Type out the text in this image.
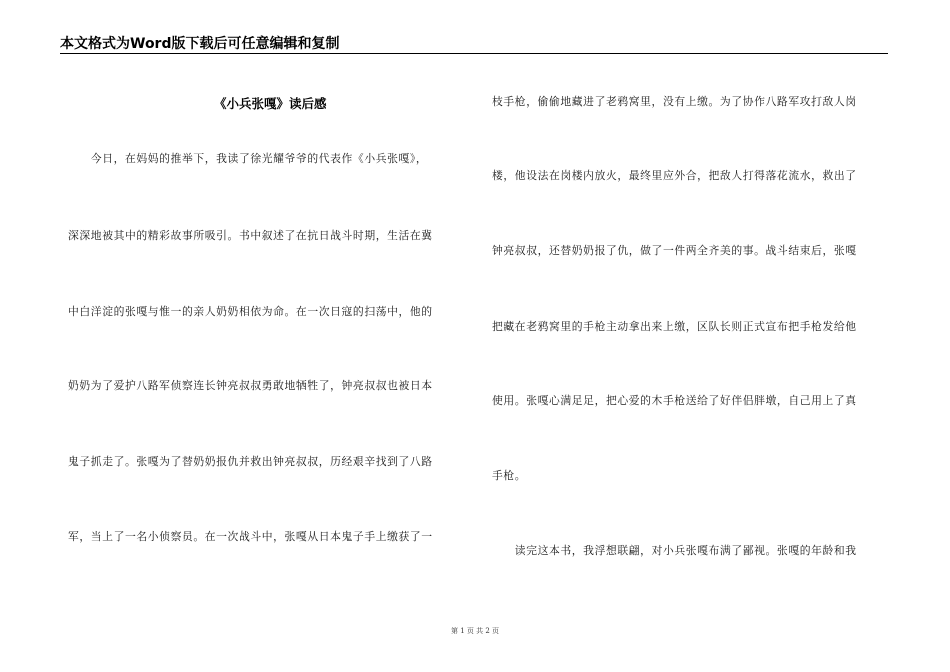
本文格式为Word版下载后可任意编辑和复制
《小兵张嘎》读后感
　　今日，在妈妈的推举下，我读了徐光耀爷爷的代表作《小兵张嘎》，
深深地被其中的精彩故事所吸引。书中叙述了在抗日战斗时期，生活在冀
中白洋淀的张嘎与惟一的亲人奶奶相依为命。在一次日寇的扫荡中，他的
奶奶为了爱护八路军侦察连长钟亮叔叔勇敢地牺牲了，钟亮叔叔也被日本
鬼子抓走了。张嘎为了替奶奶报仇并救出钟亮叔叔，历经艰辛找到了八路
军，当上了一名小侦察员。在一次战斗中，张嘎从日本鬼子手上缴获了一
枝手枪，偷偷地藏进了老鸦窝里，没有上缴。为了协作八路军攻打敌人岗
楼，他设法在岗楼内放火，最终里应外合，把敌人打得落花流水，救出了
钟亮叔叔，还替奶奶报了仇，做了一件两全齐美的事。战斗结束后，张嘎
把藏在老鸦窝里的手枪主动拿出来上缴，区队长则正式宣布把手枪发给他
使用。张嘎心满足足，把心爱的木手枪送给了好伴侣胖墩，自己用上了真
手枪。
　　读完这本书，我浮想联翩，对小兵张嘎布满了鄙视。张嘎的年龄和我
第 1 页 共 2 页
